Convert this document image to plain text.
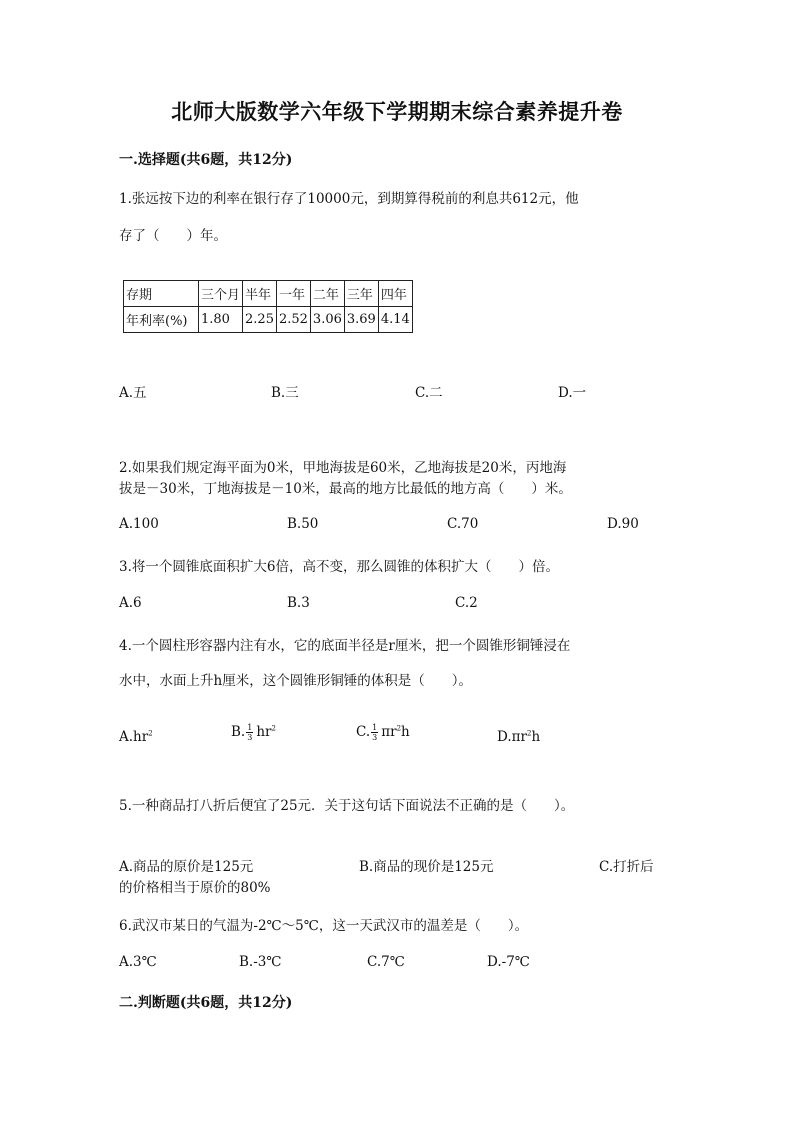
北师大版数学六年级下学期期末综合素养提升卷
一.选择题(共6题，共12分)
1.张远按下边的利率在银行存了10000元，到期算得税前的利息共612元，他
存了（　　）年。
存期	三个月	半年	一年	二年	三年	四年
年利率(%)	1.80	2.25	2.52	3.06	3.69	4.14
A.五	B.三	C.二	D.一
2.如果我们规定海平面为0米，甲地海拔是60米，乙地海拔是20米，丙地海
拔是－30米，丁地海拔是－10米，最高的地方比最低的地方高（　　）米。
A.100	B.50	C.70	D.90
3.将一个圆锥底面积扩大6倍，高不变，那么圆锥的体积扩大（　　）倍。
A.6	B.3	C.2
4.一个圆柱形容器内注有水，它的底面半径是r厘米，把一个圆锥形铜锤浸在
水中，水面上升h厘米，这个圆锥形铜锤的体积是（　　）。
$A.hr^2$	B. $\frac{1}{3} hr^2$	C. $\frac{1}{3} \pi r^2h$	$D.\pi r^2h$
5.一种商品打八折后便宜了25元．关于这句话下面说法不正确的是（　　）。
A.商品的原价是125元	B.商品的现价是125元	C.打折后
的价格相当于原价的80%
6.武汉市某日的气温为-2℃～5℃，这一天武汉市的温差是（　　）。
A.3℃	B.-3℃	C.7℃	D.-7℃
二.判断题(共6题，共12分)
